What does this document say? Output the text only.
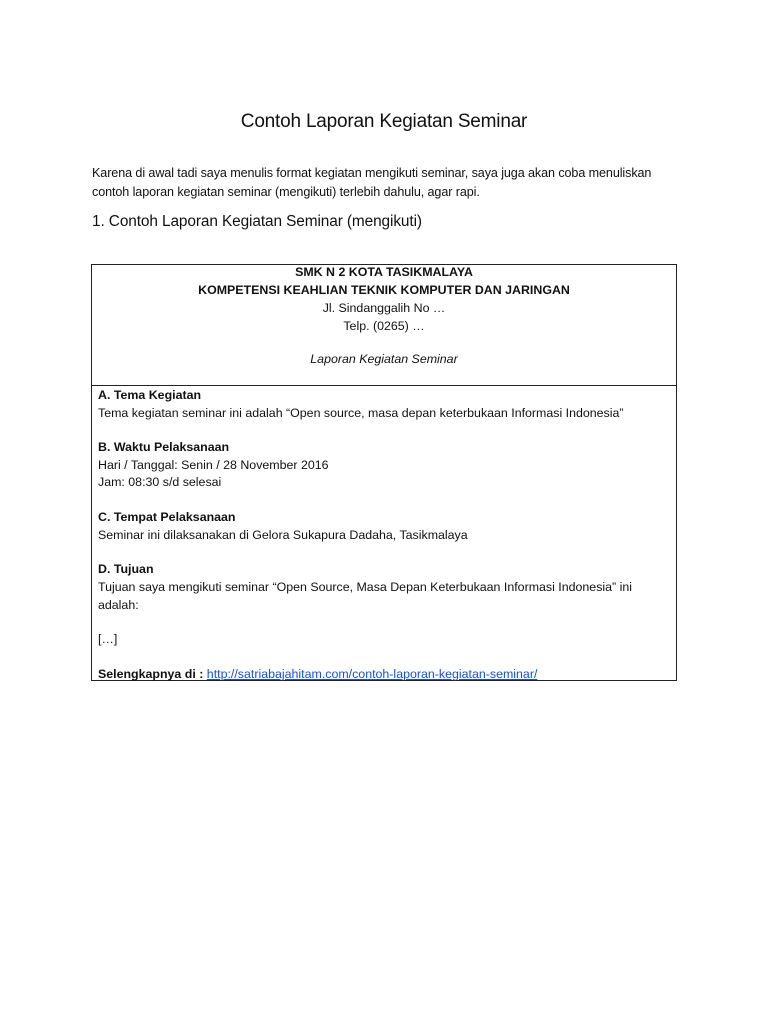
Contoh Laporan Kegiatan Seminar
Karena di awal tadi saya menulis format kegiatan mengikuti seminar, saya juga akan coba menuliskan
contoh laporan kegiatan seminar (mengikuti) terlebih dahulu, agar rapi.
1. Contoh Laporan Kegiatan Seminar (mengikuti)
SMK N 2 KOTA TASIKMALAYA
KOMPETENSI KEAHLIAN TEKNIK KOMPUTER DAN JARINGAN
Jl. Sindanggalih No …
Telp. (0265) …
Laporan Kegiatan Seminar
A. Tema Kegiatan
Tema kegiatan seminar ini adalah “Open source, masa depan keterbukaan Informasi Indonesia”
B. Waktu Pelaksanaan
Hari / Tanggal: Senin / 28 November 2016
Jam: 08:30 s/d selesai
C. Tempat Pelaksanaan
Seminar ini dilaksanakan di Gelora Sukapura Dadaha, Tasikmalaya
D. Tujuan
Tujuan saya mengikuti seminar “Open Source, Masa Depan Keterbukaan Informasi Indonesia” ini
adalah:
[…]
Selengkapnya di : http://satriabajahitam.com/contoh-laporan-kegiatan-seminar/
